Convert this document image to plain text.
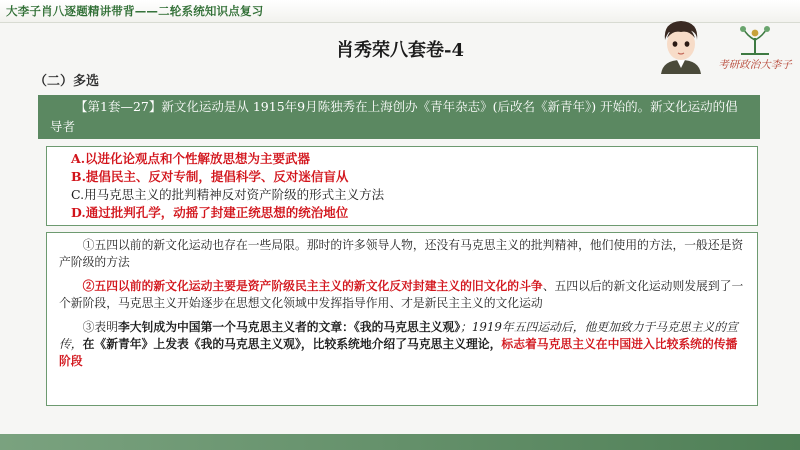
大李子肖八逐题精讲带背——二轮系统知识点复习
肖秀荣八套卷-4
考研政治大李子
（二）多选
【第1套—27】新文化运动是从 1915年9月陈独秀在上海创办《青年杂志》(后改名《新青年》) 开始的。新文化运动的倡导者
A.以进化论观点和个性解放思想为主要武器
B.提倡民主、反对专制，提倡科学、反对迷信盲从
C.用马克思主义的批判精神反对资产阶级的形式主义方法
D.通过批判孔学，动摇了封建正统思想的统治地位

①五四以前的新文化运动也存在一些局限。那时的许多领导人物，还没有马克思主义的批判精神，他们使用的方法，一般还是资产阶级的方法

②五四以前的新文化运动主要是资产阶级民主主义的新文化反对封建主义的旧文化的斗争、五四以后的新文化运动则发展到了一个新阶段，马克思主义开始逐步在思想文化领域中发挥指导作用、才是新民主主义的文化运动

③表明李大钊成为中国第一个马克思主义者的文章：《我的马克思主义观》；1919年五四运动后，他更加致力于马克思主义的宣传，在《新青年》上发表《我的马克思主义观》，比较系统地介绍了马克思主义理论，标志着马克思主义在中国进入比较系统的传播阶段
